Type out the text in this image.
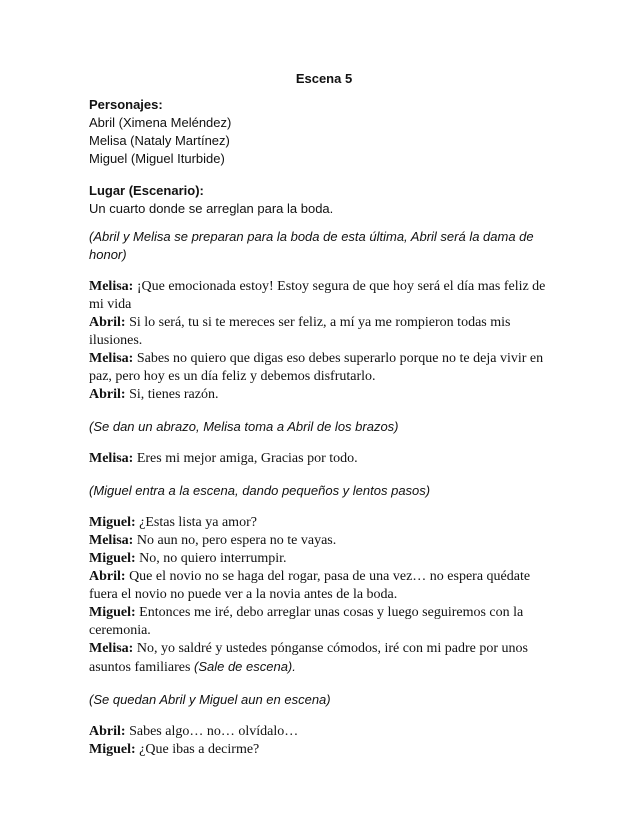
Escena 5
Personajes:
Abril (Ximena Meléndez)
Melisa (Nataly Martínez)
Miguel (Miguel Iturbide)
Lugar (Escenario):
Un cuarto donde se arreglan para la boda.
(Abril y Melisa se preparan para la boda de esta última, Abril será la dama de honor)
Melisa: ¡Que emocionada estoy! Estoy segura de que hoy será el día mas feliz de mi vida
Abril: Si lo será, tu si te mereces ser feliz, a mí ya me rompieron todas mis ilusiones.
Melisa: Sabes no quiero que digas eso debes superarlo porque no te deja vivir en paz, pero hoy es un día feliz y debemos disfrutarlo.
Abril: Si, tienes razón.
(Se dan un abrazo, Melisa toma a Abril de los brazos)
Melisa: Eres mi mejor amiga, Gracias por todo.
(Miguel entra a la escena, dando pequeños y lentos pasos)
Miguel: ¿Estas lista ya amor?
Melisa: No aun no, pero espera no te vayas.
Miguel: No, no quiero interrumpir.
Abril: Que el novio no se haga del rogar, pasa de una vez… no espera quédate fuera el novio no puede ver a la novia antes de la boda.
Miguel: Entonces me iré, debo arreglar unas cosas y luego seguiremos con la ceremonia.
Melisa: No, yo saldré y ustedes pónganse cómodos, iré con mi padre por unos asuntos familiares (Sale de escena).
(Se quedan Abril y Miguel aun en escena)
Abril: Sabes algo… no… olvídalo…
Miguel: ¿Que ibas a decirme?
